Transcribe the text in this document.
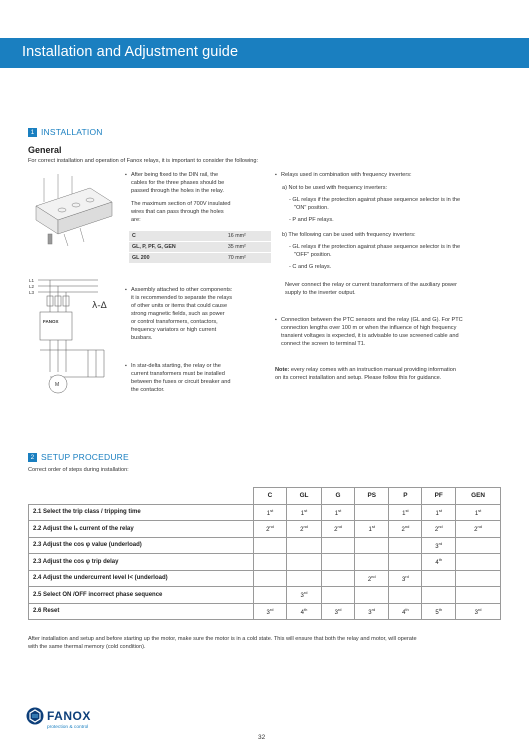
Installation and Adjustment guide
1 INSTALLATION
General
For correct installation and operation of Fanox relays, it is important to consider the following:
L1
L2
L3
λ-Δ
FANOX
M
▪ After being fixed to the DIN rail, the
cables for the three phases should be
passed through the holes in the relay.
The maximum section of 700V insulated
wires that can pass through the holes
are:
C	16 mm²
GL, P, PF, G, GEN	35 mm²
GL 200	70 mm²
▪ Assembly attached to other components:
it is recommended to separate the relays
of other units or items that could cause
strong magnetic fields, such as power
or control transformers, contactors,
frequency variators or high current
busbars.
▪ In star-delta starting, the relay or the
current transformers must be installed
between the fuses or circuit breaker and
the contactor.
▪ Relays used in combination with frequency inverters:
a) Not to be used with frequency inverters:
- GL relays if the protection against phase sequence selector is in the
"ON" position.
- P and PF relays.
b) The following can be used with frequency inverters:
- GL relays if the protection against phase sequence selector is in the
"OFF" position.
- C and G relays.
Never connect the relay or current transformers of the auxiliary power
supply to the inverter output.
▪ Connection between the PTC sensors and the relay (GL and G). For PTC
connection lengths over 100 m or when the influence of high frequency
transient voltages is expected, it is advisable to use screened cable and
connect the screen to terminal T1.
Note: every relay comes with an instruction manual providing information
on its correct installation and setup. Please follow this for guidance.
2 SETUP PROCEDURE
Correct order of steps during installation:
	C	GL	G	PS	P	PF	GEN
2.1 Select the trip class / tripping time	1st	1st	1st		1st	1st	1st
2.2 Adjust the Iₛ current of the relay	2nd	2nd	2nd	1st	2nd	2nd	2nd
2.3 Adjust the cos φ value (underload)						3rd	
2.3 Adjust the cos φ trip delay						4th	
2.4 Adjust the undercurrent level I< (underload)				2nd	3rd		
2.5 Select ON /OFF incorrect phase sequence		3rd					
2.6 Reset	3rd	4th	3rd	3rd	4th	5th	3rd
After installation and setup and before starting up the motor, make sure the motor is in a cold state. This will ensure that both the relay and motor, will operate
with the same thermal memory (cold condition).
FANOX
protection & control
32
